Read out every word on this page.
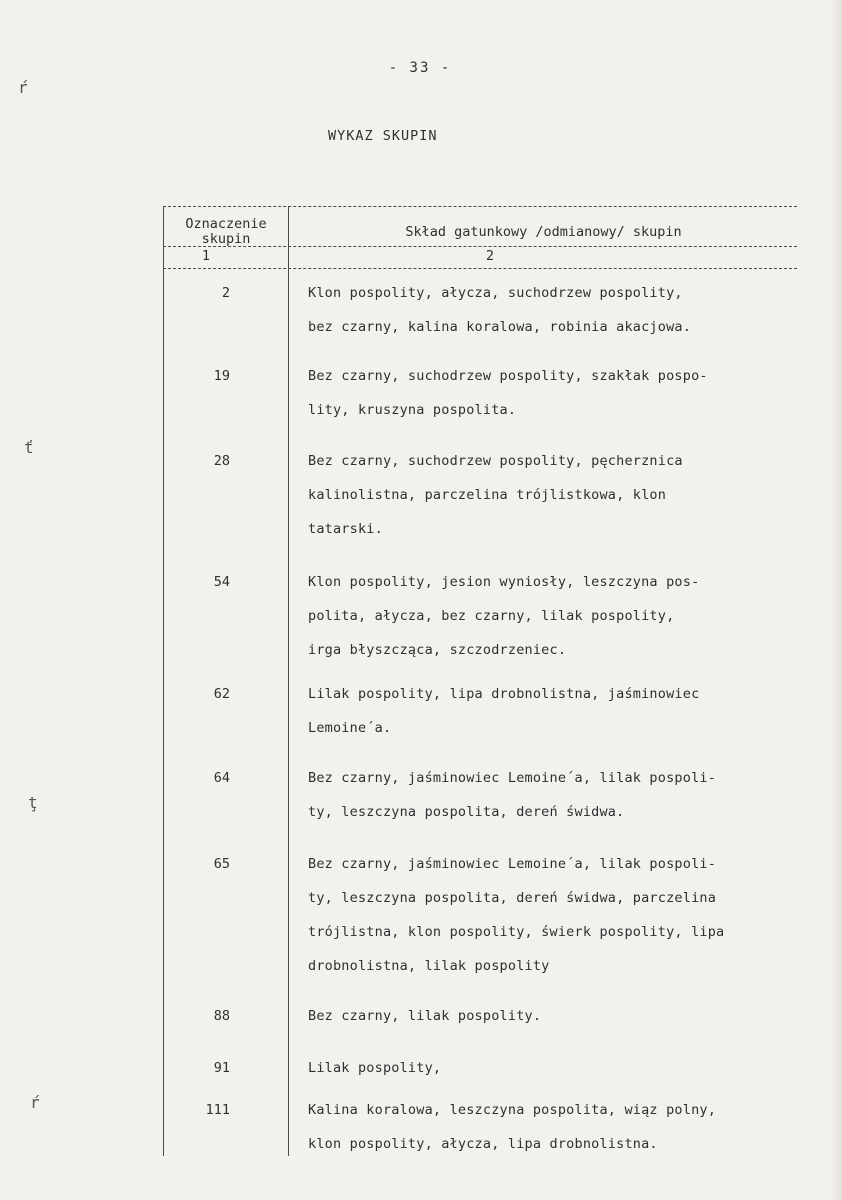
ŕ
ť
ţ
ŕ
- 33 -
WYKAZ SKUPIN
Oznaczenie
skupin	Skład gatunkowy /odmianowy/ skupin
1	2
2	Klon pospolity, ałycza, suchodrzew pospolity,
bez czarny, kalina koralowa, robinia akacjowa.
19	Bez czarny, suchodrzew pospolity, szakłak pospo-
lity, kruszyna pospolita.
28	Bez czarny, suchodrzew pospolity, pęcherznica
kalinolistna, parczelina trójlistkowa, klon
tatarski.
54	Klon pospolity, jesion wyniosły, leszczyna pos-
polita, ałycza, bez czarny, lilak pospolity,
irga błyszcząca, szczodrzeniec.
62	Lilak pospolity, lipa drobnolistna, jaśminowiec
Lemoine´a.
64	Bez czarny, jaśminowiec Lemoine´a, lilak pospoli-
ty, leszczyna pospolita, dereń świdwa.
65	Bez czarny, jaśminowiec Lemoine´a, lilak pospoli-
ty, leszczyna pospolita, dereń świdwa, parczelina
trójlistna, klon pospolity, świerk pospolity, lipa
drobnolistna, lilak pospolity
88	Bez czarny, lilak pospolity.
91	Lilak pospolity,
111	Kalina koralowa, leszczyna pospolita, wiąz polny,
klon pospolity, ałycza, lipa drobnolistna.
